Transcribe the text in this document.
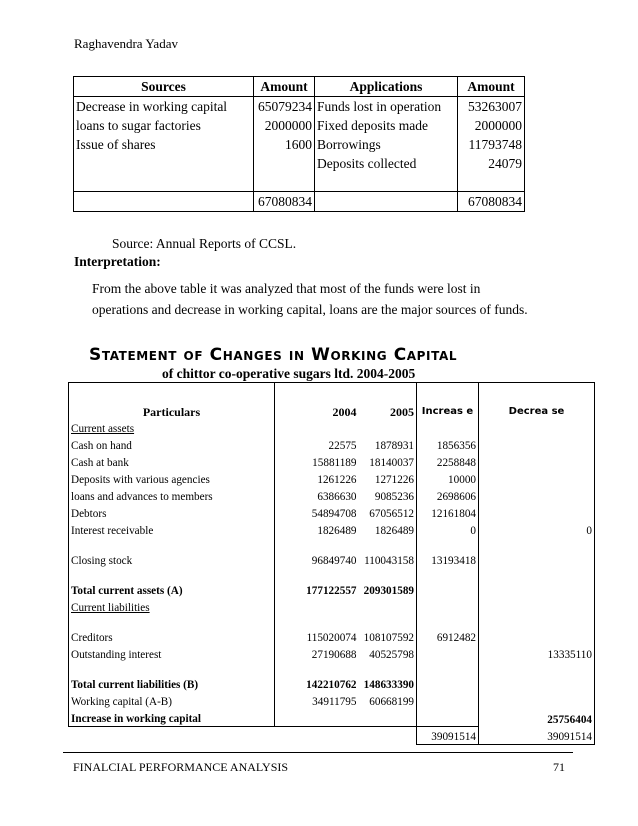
Raghavendra Yadav
Sources	Amount	Applications	Amount
Decrease in working capital	65079234	Funds lost in operation	53263007
loans to sugar factories	2000000	Fixed deposits made	2000000
Issue of shares	1600	Borrowings	11793748
		Deposits collected	24079

	67080834		67080834
Source: Annual Reports of CCSL.
Interpretation:
From the above table it was analyzed that most of the funds were lost in operations and decrease in working capital, loans are the major sources of funds.
Statement of Changes in Working Capital
of chittor co-operative sugars ltd. 2004-2005
Particulars	2004	2005	Increas e	Decrea se

Current assets				
Cash on hand	22575	1878931	1856356	
Cash at bank	15881189	18140037	2258848	
Deposits with various agencies	1261226	1271226	10000	
loans and advances to members	6386630	9085236	2698606	
Debtors	54894708	67056512	12161804	
Interest receivable	1826489	1826489	0	0
Closing stock	96849740	110043158	13193418	
Total current assets (A)	177122557	209301589		
Current liabilities				
Creditors	115020074	108107592	6912482	
Outstanding interest	27190688	40525798		13335110
Total current liabilities (B)	142210762	148633390		
Working capital (A-B)	34911795	60668199		
Increase in working capital				25756404
			39091514	39091514
FINALCIAL PERFORMANCE ANALYSIS	71
